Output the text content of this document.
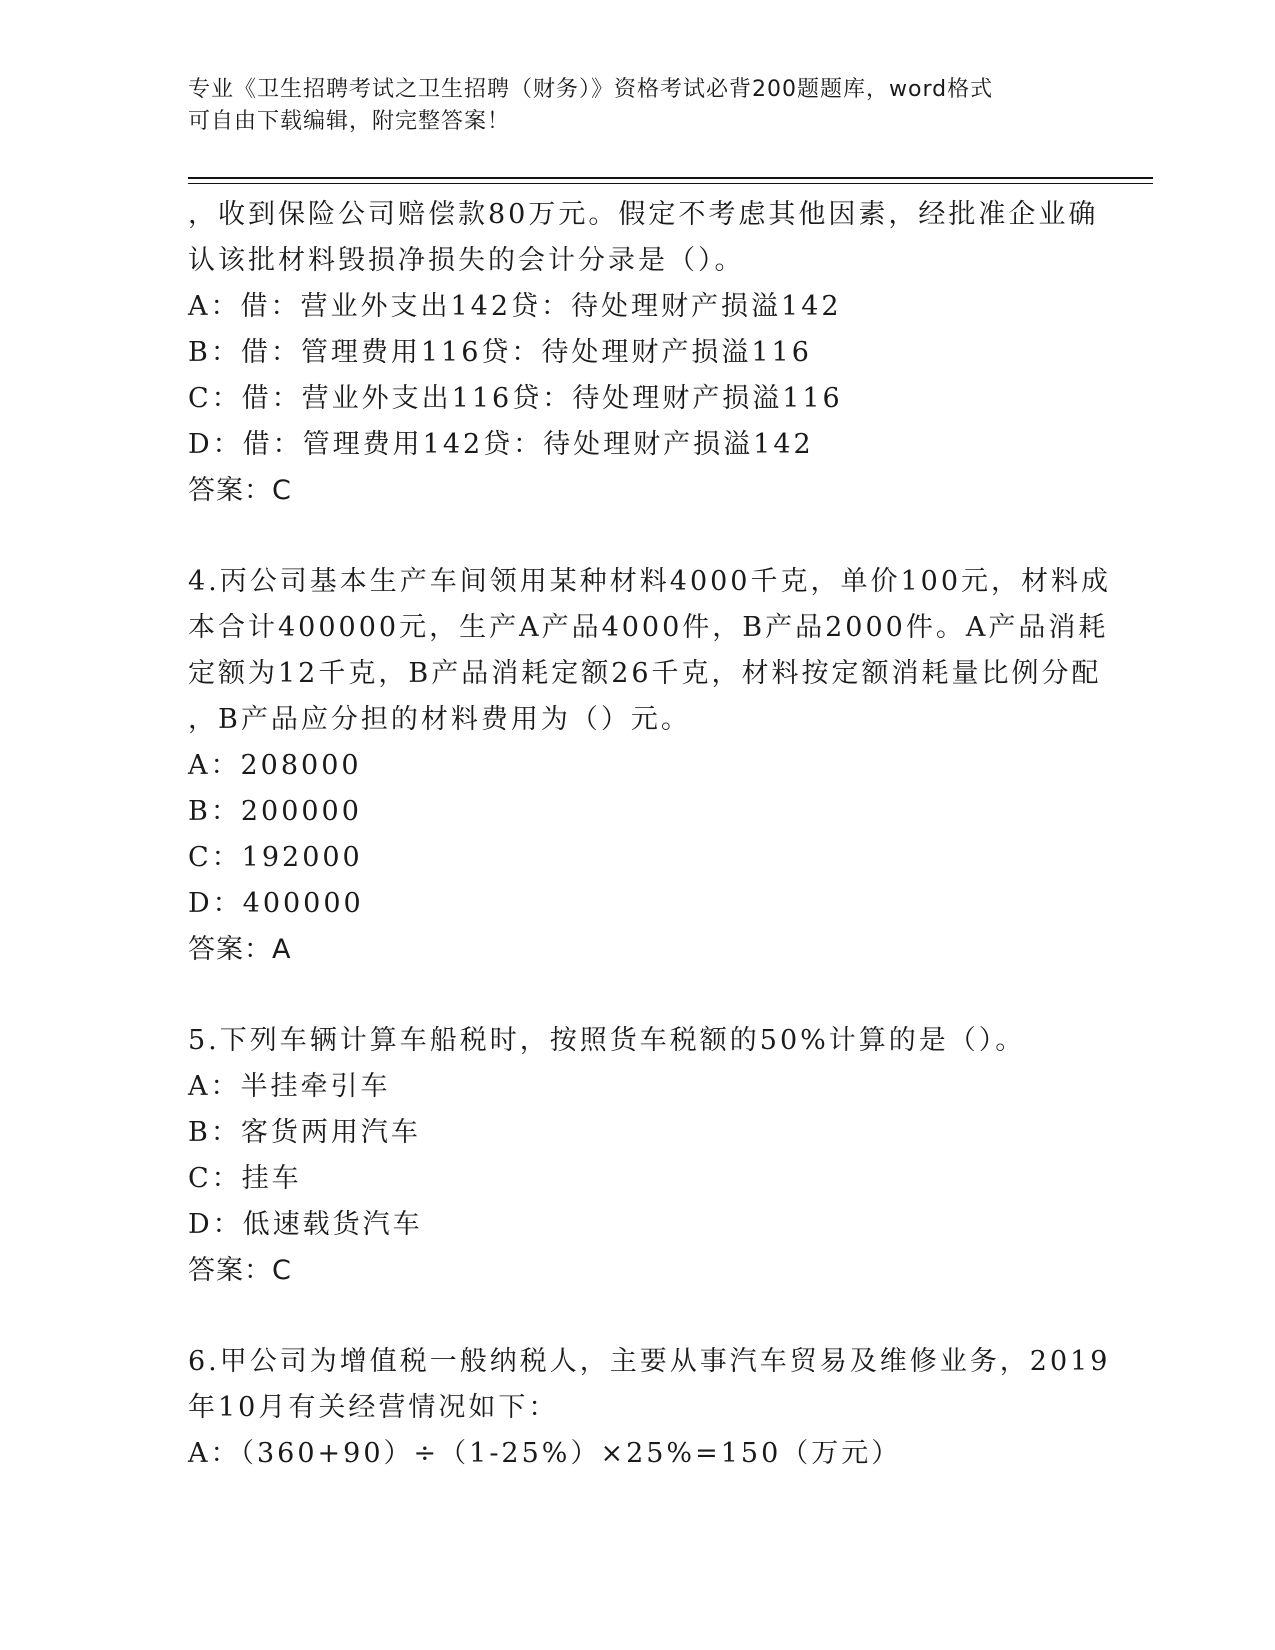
专业《卫生招聘考试之卫生招聘（财务）》资格考试必背200题题库，word格式
可自由下载编辑，附完整答案！
，收到保险公司赔偿款80万元。假定不考虑其他因素，经批准企业确
认该批材料毁损净损失的会计分录是（）。
A：借：营业外支出142贷：待处理财产损溢142
B：借：管理费用116贷：待处理财产损溢116
C：借：营业外支出116贷：待处理财产损溢116
D：借：管理费用142贷：待处理财产损溢142
答案：C
4.丙公司基本生产车间领用某种材料4000千克，单价100元，材料成
本合计400000元，生产A产品4000件，B产品2000件。A产品消耗
定额为12千克，B产品消耗定额26千克，材料按定额消耗量比例分配
，B产品应分担的材料费用为（）元。
A：208000
B：200000
C：192000
D：400000
答案：A
5.下列车辆计算车船税时，按照货车税额的50%计算的是（）。
A：半挂牵引车
B：客货两用汽车
C：挂车
D：低速载货汽车
答案：C
6.甲公司为增值税一般纳税人，主要从事汽车贸易及维修业务，2019
年10月有关经营情况如下：
A：（360+90）÷（1-25%）×25%=150（万元）
